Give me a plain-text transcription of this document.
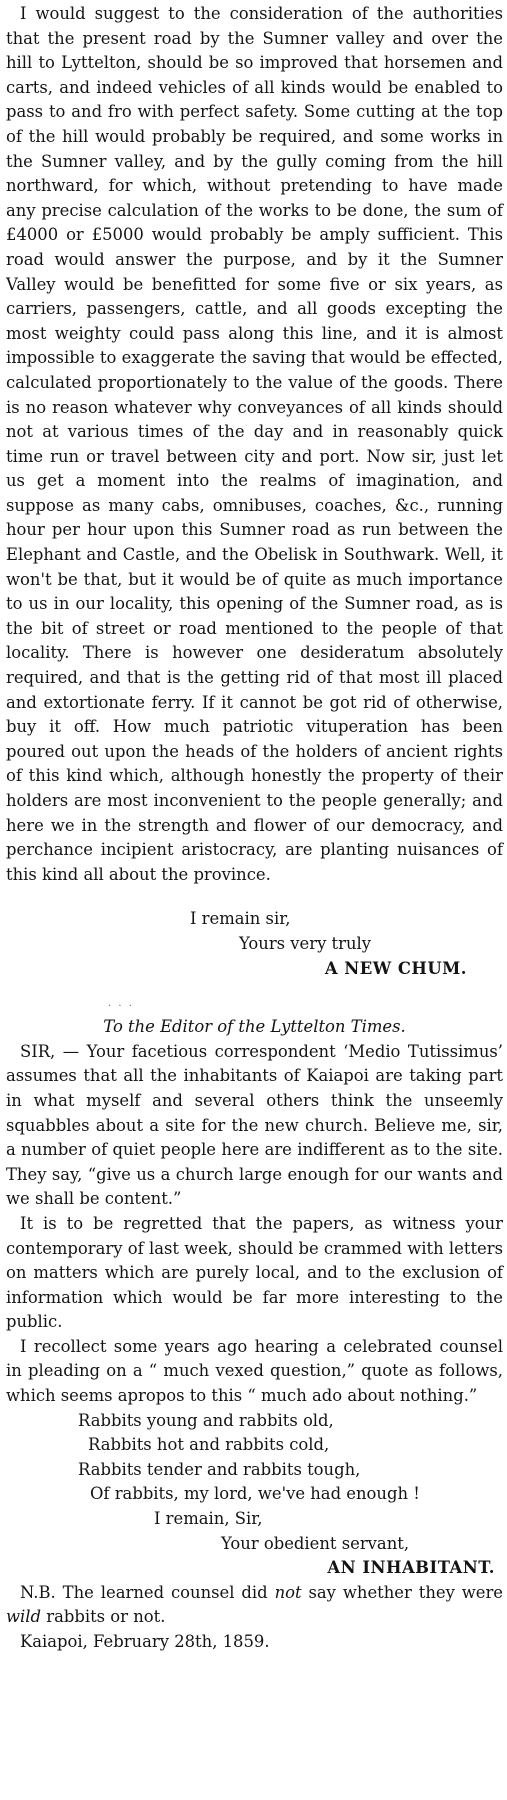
I would suggest to the consideration of the authorities that the present road by the Sumner valley and over the hill to Lyttelton, should be so improved that horsemen and carts, and indeed vehicles of all kinds would be enabled to pass to and fro with perfect safety. Some cutting at the top of the hill would probably be required, and some works in the Sumner valley, and by the gully coming from the hill northward, for which, without pretending to have made any precise calculation of the works to be done, the sum of £4000 or £5000 would probably be amply sufficient. This road would answer the purpose, and by it the Sumner Valley would be benefitted for some five or six years, as carriers, passengers, cattle, and all goods excepting the most weighty could pass along this line, and it is almost impossible to exaggerate the saving that would be effected, calculated proportionately to the value of the goods. There is no reason whatever why conveyances of all kinds should not at various times of the day and in reasonably quick time run or travel between city and port. Now sir, just let us get a moment into the realms of imagination, and suppose as many cabs, omnibuses, coaches, &c., running hour per hour upon this Sumner road as run between the Elephant and Castle, and the Obelisk in Southwark. Well, it won't be that, but it would be of quite as much importance to us in our locality, this opening of the Sumner road, as is the bit of street or road mentioned to the people of that locality. There is however one desideratum absolutely required, and that is the getting rid of that most ill placed and extortionate ferry. If it cannot be got rid of otherwise, buy it off. How much patriotic vituperation has been poured out upon the heads of the holders of ancient rights of this kind which, although honestly the property of their holders are most inconvenient to the people generally; and here we in the strength and flower of our democracy, and perchance incipient aristocracy, are planting nuisances of this kind all about the province.

I remain sir,

Yours very truly

A NEW CHUM.

· · ·

To the Editor of the Lyttelton Times.

SIR, — Your facetious correspondent ‘Medio Tutissimus’ assumes that all the inhabitants of Kaiapoi are taking part in what myself and several others think the unseemly squabbles about a site for the new church. Believe me, sir, a number of quiet people here are indifferent as to the site. They say, “give us a church large enough for our wants and we shall be content.”

It is to be regretted that the papers, as witness your contemporary of last week, should be crammed with letters on matters which are purely local, and to the exclusion of information which would be far more interesting to the public.

I recollect some years ago hearing a celebrated counsel in pleading on a “ much vexed question,” quote as follows, which seems apropos to this “ much ado about nothing.”

Rabbits young and rabbits old,

Rabbits hot and rabbits cold,

Rabbits tender and rabbits tough,

Of rabbits, my lord, we've had enough !

I remain, Sir,

Your obedient servant,

AN INHABITANT.

N.B. The learned counsel did not say whether they were wild rabbits or not.

Kaiapoi, February 28th, 1859.
